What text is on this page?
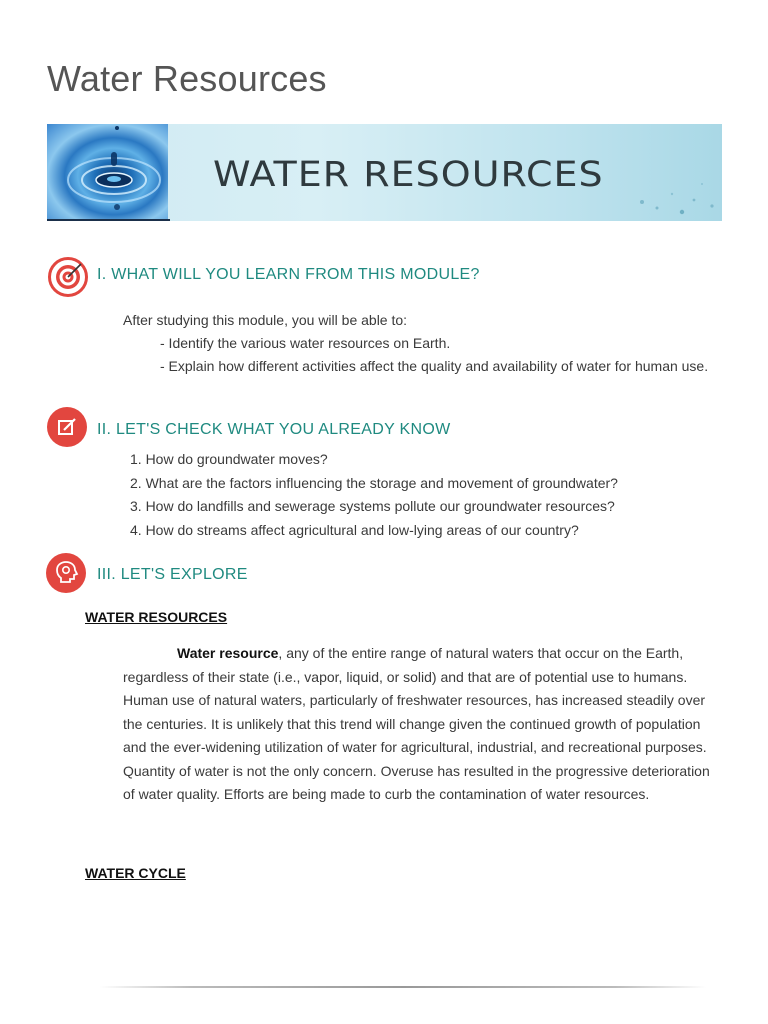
Water Resources
WATER RESOURCES
I. WHAT WILL YOU LEARN FROM THIS MODULE?

After studying this module, you will be able to:

- Identify the various water resources on Earth.

- Explain how different activities affect the quality and availability of water for human use.

II. LET'S CHECK WHAT YOU ALREADY KNOW
1. How do groundwater moves?
2. What are the factors influencing the storage and movement of groundwater?
3. How do landfills and sewerage systems pollute our groundwater resources?
4. How do streams affect agricultural and low-lying areas of our country?
III. LET'S EXPLORE

WATER RESOURCES

Water resource, any of the entire range of natural waters that occur on the Earth, regardless of their state (i.e., vapor, liquid, or solid) and that are of potential use to humans. Human use of natural waters, particularly of freshwater resources, has increased steadily over the centuries. It is unlikely that this trend will change given the continued growth of population and the ever-widening utilization of water for agricultural, industrial, and recreational purposes. Quantity of water is not the only concern. Overuse has resulted in the progressive deterioration of water quality. Efforts are being made to curb the contamination of water resources.

WATER CYCLE
